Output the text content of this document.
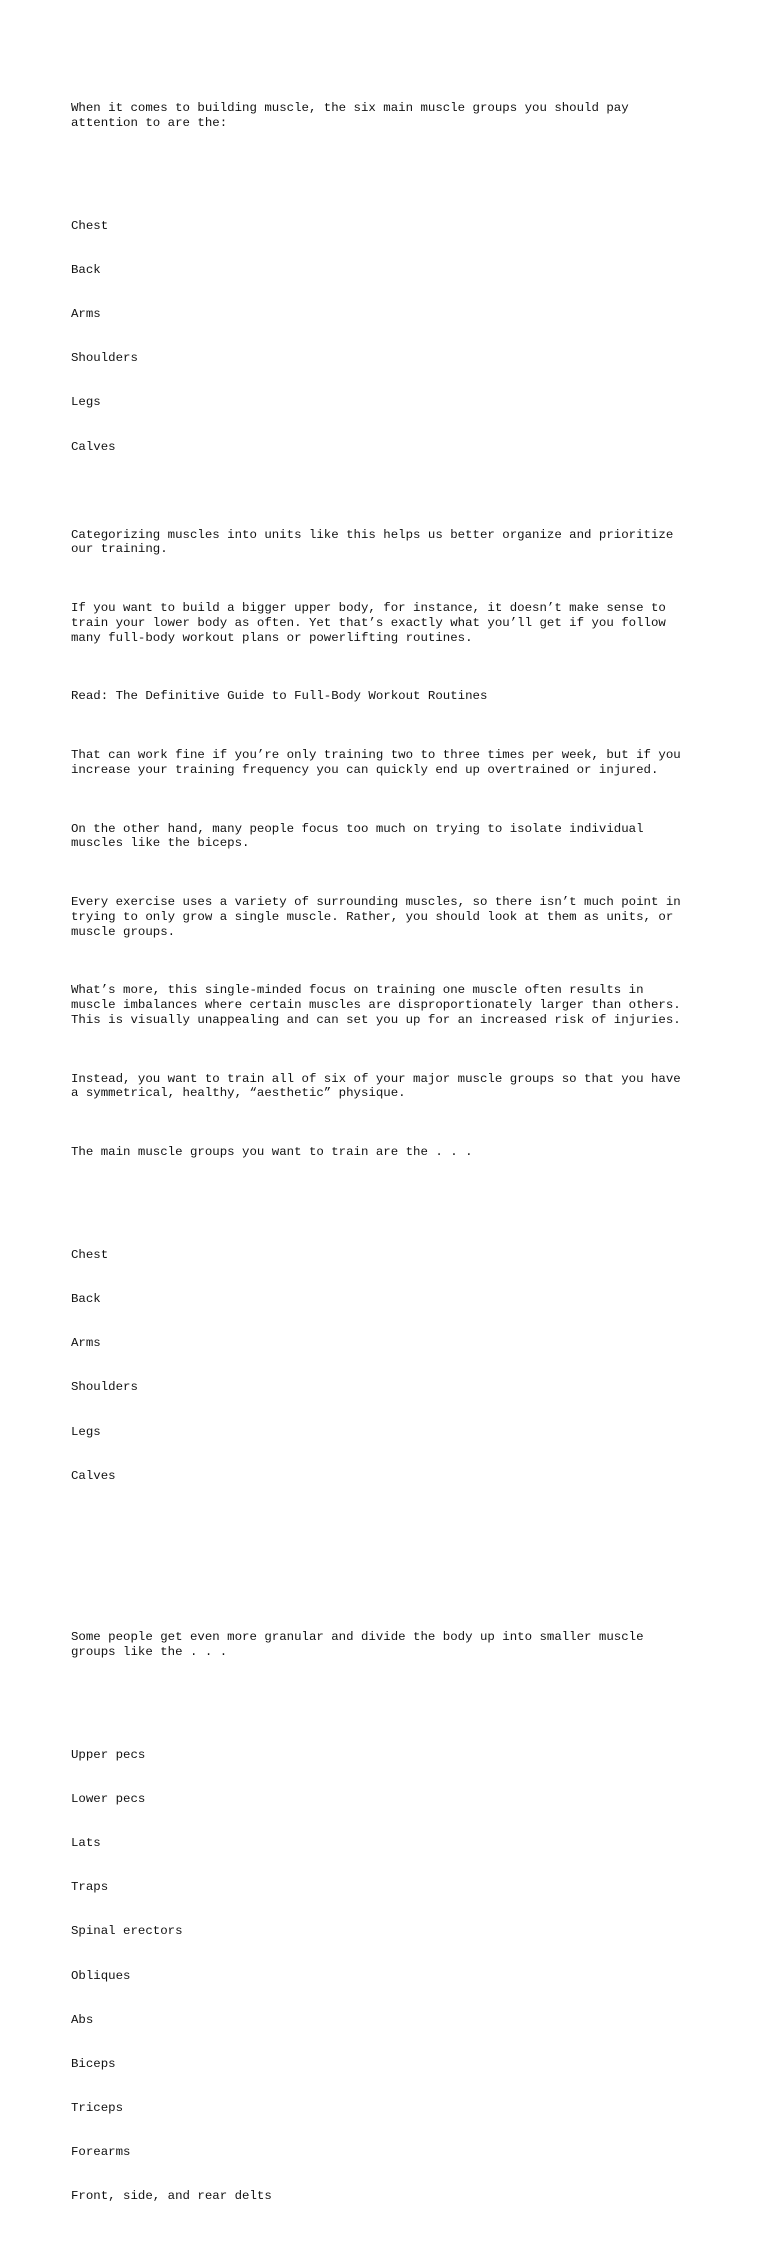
When it comes to building muscle, the six main muscle groups you should pay
attention to are the:

Chest

Back

Arms

Shoulders

Legs

Calves

Categorizing muscles into units like this helps us better organize and prioritize
our training.

If you want to build a bigger upper body, for instance, it doesn’t make sense to
train your lower body as often. Yet that’s exactly what you’ll get if you follow
many full-body workout plans or powerlifting routines.

Read: The Definitive Guide to Full-Body Workout Routines

That can work fine if you’re only training two to three times per week, but if you
increase your training frequency you can quickly end up overtrained or injured.

On the other hand, many people focus too much on trying to isolate individual
muscles like the biceps.

Every exercise uses a variety of surrounding muscles, so there isn’t much point in
trying to only grow a single muscle. Rather, you should look at them as units, or
muscle groups.

What’s more, this single-minded focus on training one muscle often results in
muscle imbalances where certain muscles are disproportionately larger than others.
This is visually unappealing and can set you up for an increased risk of injuries.

Instead, you want to train all of six of your major muscle groups so that you have
a symmetrical, healthy, “aesthetic” physique.

The main muscle groups you want to train are the . . .

Chest

Back

Arms

Shoulders

Legs

Calves

Some people get even more granular and divide the body up into smaller muscle
groups like the . . .

Upper pecs

Lower pecs

Lats

Traps

Spinal erectors

Obliques

Abs

Biceps

Triceps

Forearms

Front, side, and rear delts
